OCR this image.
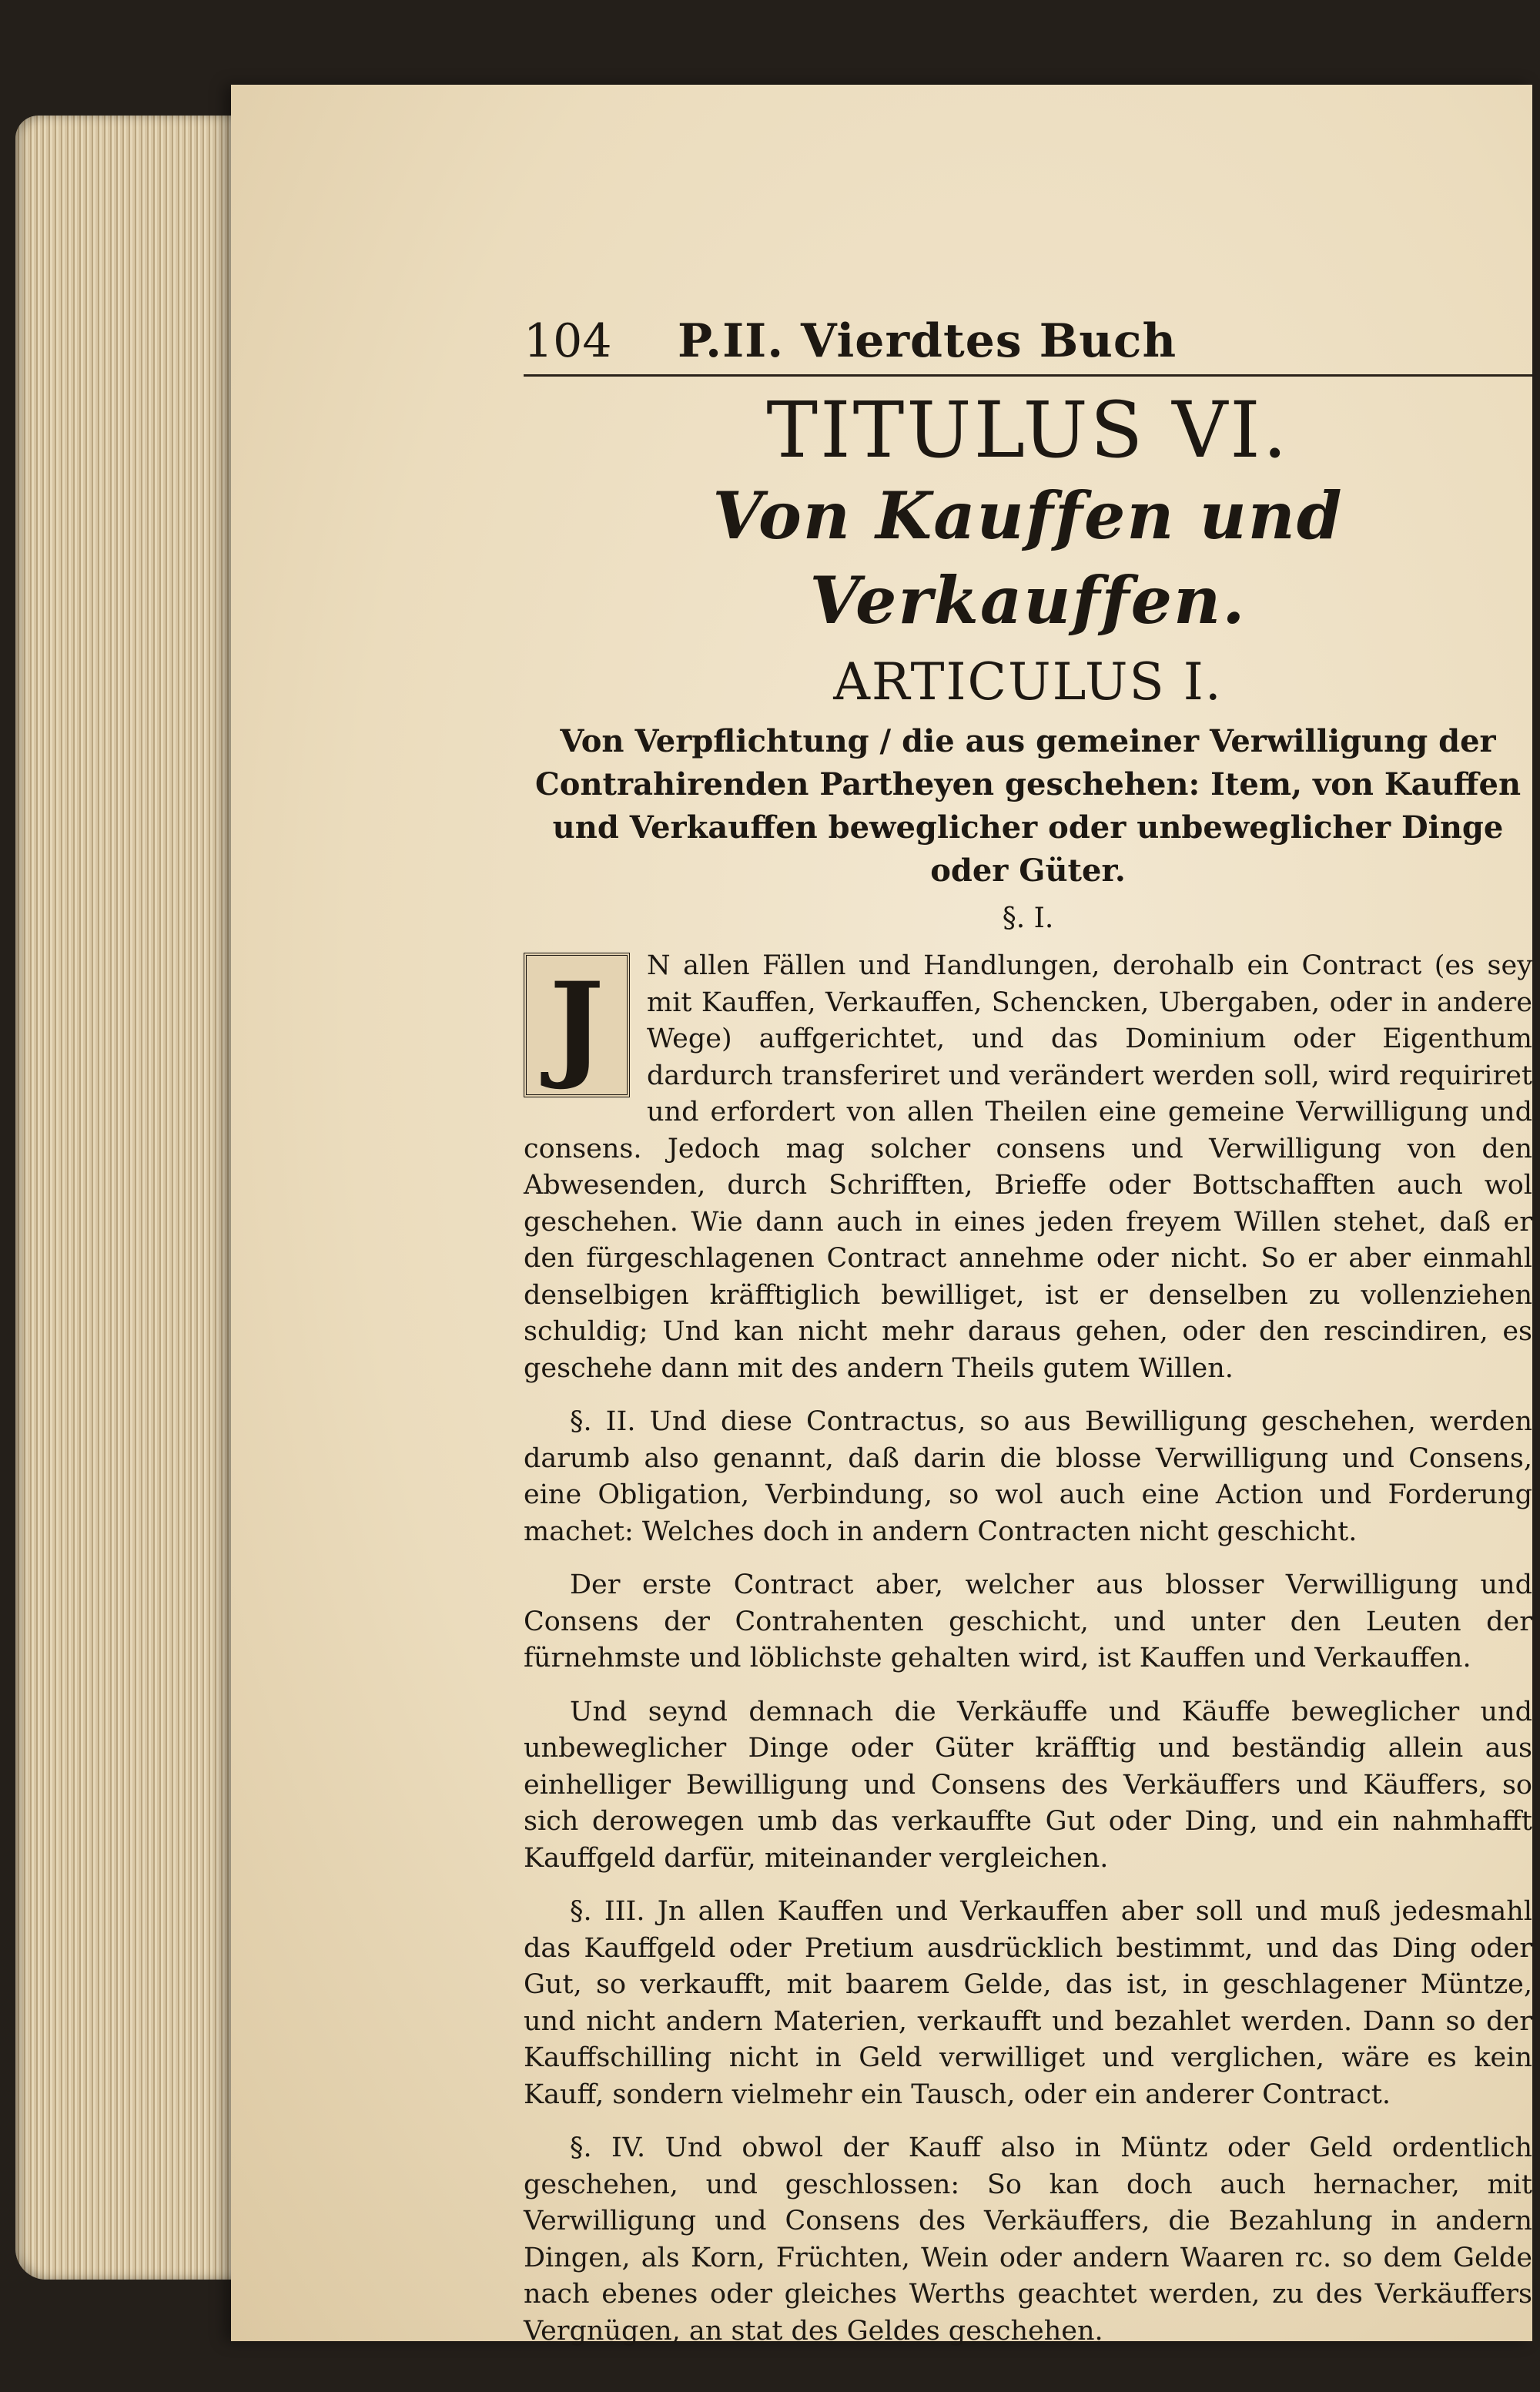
104 P.II. Vierdtes Buch
TITULUS VI.
Von Kauffen und Verkauffen.
ARTICULUS I.
Von Verpflichtung / die aus gemeiner Verwilligung der Contrahirenden Partheyen geschehen: Item, von Kauffen und Verkauffen beweglicher oder unbeweglicher Dinge oder Güter.
§. I.

J	N allen Fällen und Handlungen, derohalb ein Contract (es sey mit Kauffen, Verkauffen, Schencken, Ubergaben, oder in andere Wege) auffgerichtet, und das Dominium oder Eigenthum dardurch transferiret und verändert werden soll, wird requiriret und erfordert von allen Theilen eine gemeine Verwilligung und consens. Jedoch mag solcher consens und Verwilligung von den Abwesenden, durch Schrifften, Brieffe oder Bottschafften auch wol geschehen. Wie dann auch in eines jeden freyem Willen stehet, daß er den fürgeschlagenen Contract annehme oder nicht. So er aber einmahl denselbigen kräfftiglich bewilliget, ist er denselben zu vollenziehen schuldig; Und kan nicht mehr daraus gehen, oder den rescindiren, es geschehe dann mit des andern Theils gutem Willen.

§. II. Und diese Contractus, so aus Bewilligung geschehen, werden darumb also genannt, daß darin die blosse Verwilligung und Consens, eine Obligation, Verbindung, so wol auch eine Action und Forderung machet: Welches doch in andern Contracten nicht geschicht.

Der erste Contract aber, welcher aus blosser Verwilligung und Consens der Contrahenten geschicht, und unter den Leuten der fürnehmste und löblichste gehalten wird, ist Kauffen und Verkauffen.

Und seynd demnach die Verkäuffe und Käuffe beweglicher und unbeweglicher Dinge oder Güter kräfftig und beständig allein aus einhelliger Bewilligung und Consens des Verkäuffers und Käuffers, so sich derowegen umb das verkauffte Gut oder Ding, und ein nahmhafft Kauffgeld darfür, miteinander vergleichen.

§. III. Jn allen Kauffen und Verkauffen aber soll und muß jedesmahl das Kauffgeld oder Pretium ausdrücklich bestimmt, und das Ding oder Gut, so verkaufft, mit baarem Gelde, das ist, in geschlagener Müntze, und nicht andern Materien, verkaufft und bezahlet werden. Dann so der Kauffschilling nicht in Geld verwilliget und verglichen, wäre es kein Kauff, sondern vielmehr ein Tausch, oder ein anderer Contract.

§. IV. Und obwol der Kauff also in Müntz oder Geld ordentlich geschehen, und geschlossen: So kan doch auch hernacher, mit Verwilligung und Consens des Verkäuffers, die Bezahlung in andern Dingen, als Korn, Früchten, Wein oder andern Waaren rc. so dem Gelde nach ebenes oder gleiches Werths geachtet werden, zu des Verkäuffers Vergnügen, an stat des Geldes geschehen.
